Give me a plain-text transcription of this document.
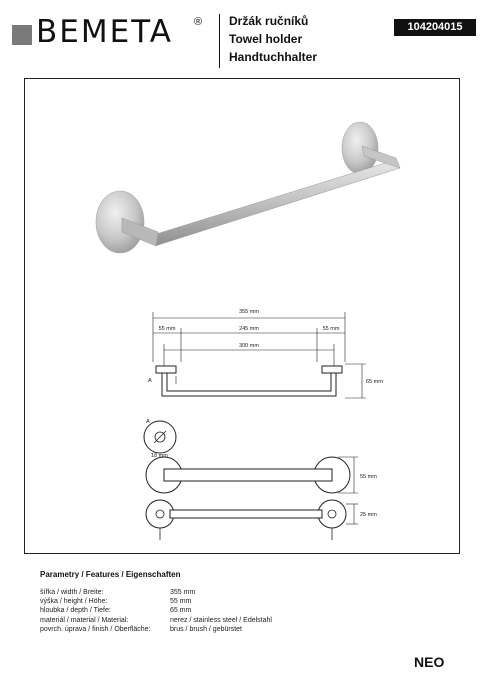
BEMETA ® Držák ručníků
Towel holder
Handtuchhalter
104204015
355 mm
55 mm	245 mm	55 mm
300 mm
65 mm
18 mm
55 mm
25 mm
A
A
Parametry / Features / Eigenschaften
šířka / width / Breite:	355 mm
výška / height / Höhe:	55 mm
hloubka / depth / Tiefe:	65 mm
materiál / material / Material:	nerez / stainless steel / Edelstahl
povrch. úprava / finish / Oberfläche:	brus / brush / gebürstet
NEO
